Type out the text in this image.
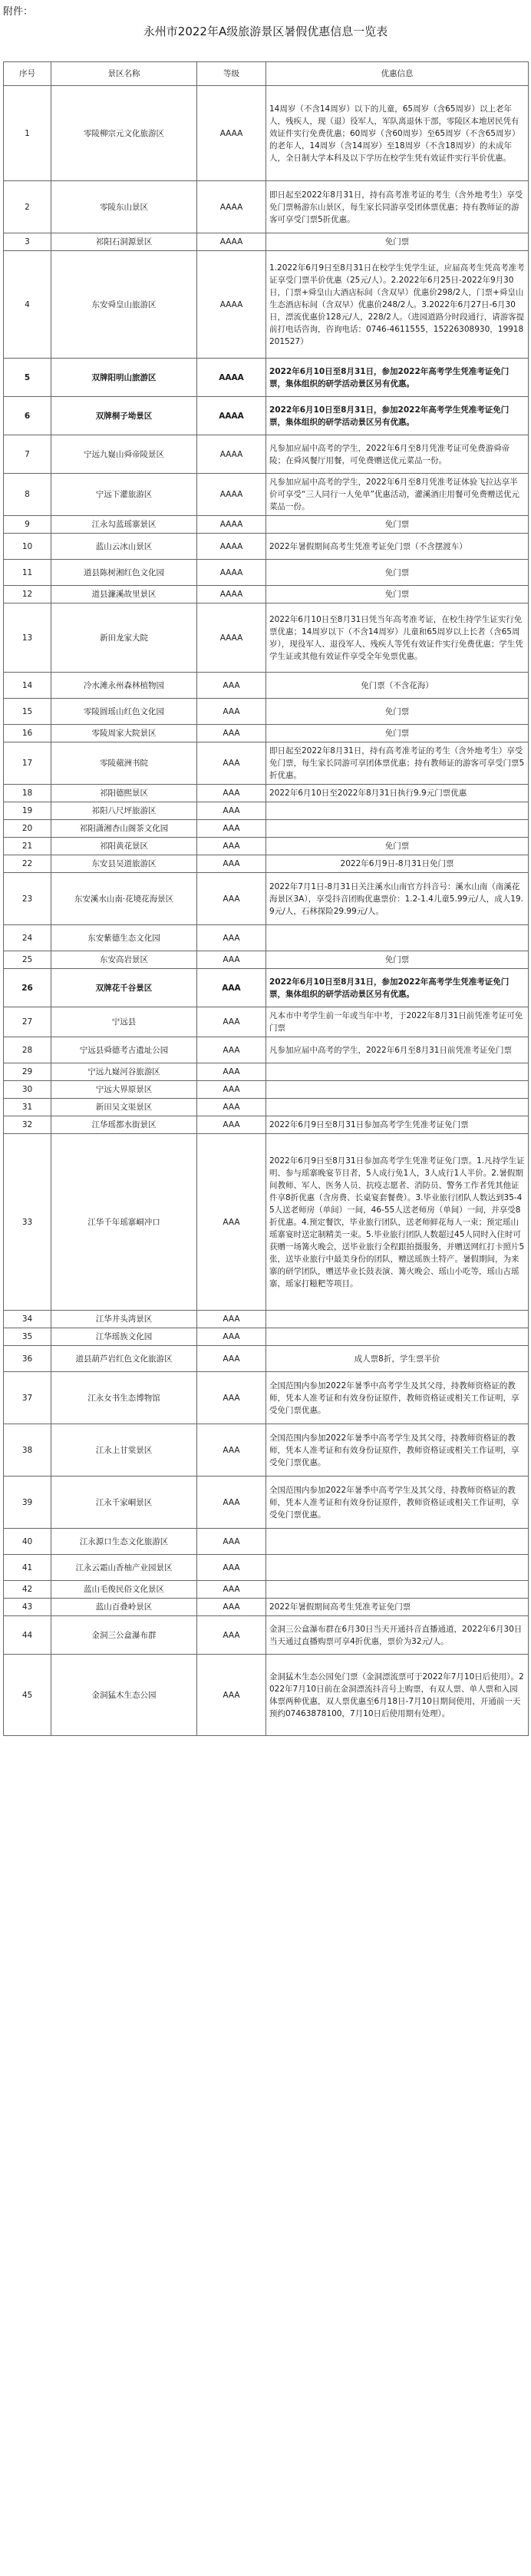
附件：
永州市2022年A级旅游景区暑假优惠信息一览表
序号	景区名称	等级	优惠信息
1	零陵柳宗元文化旅游区	AAAA	14周岁（不含14周岁）以下的儿童，65周岁（含65周岁）以上老年人，残疾人，现（退）役军人，军队离退休干部，零陵区本地居民凭有效证件实行免费优惠；60周岁（含60周岁）至65周岁（不含65周岁）的老年人，14周岁（含14周岁）至18周岁（不含18周岁）的未成年人，全日制大学本科及以下学历在校学生凭有效证件实行半价优惠。
2	零陵东山景区	AAAA	即日起至2022年8月31日，持有高考准考证的考生（含外地考生）享受免门票畅游东山景区，每生家长同游享受团体票优惠；持有教师证的游客可享受门票5折优惠。
3	祁阳石洞源景区	AAAA	免门票
4	东安舜皇山旅游区	AAAA	1.2022年6月9日至8月31日在校学生凭学生证，应届高考生凭高考准考证享受门票半价优惠（25元/人）。2.2022年6月25日-2022年9月30日，门票+舜皇山大酒店标间（含双早）优惠价298/2人，门票+舜皇山生态酒店标间（含双早）优惠价248/2人。3.2022年6月27日-6月30日，漂流优惠价128元/人，228/2人。（进园道路分时段通行，请游客提前打电话咨询，咨询电话：0746-4611555，15226308930，19918201527）
5	双牌阳明山旅游区	AAAA	2022年6月10日至8月31日，参加2022年高考学生凭准考证免门票，集体组织的研学活动景区另有优惠。
6	双牌桐子坳景区	AAAA	2022年6月10日至8月31日，参加2022年高考学生凭准考证免门票，集体组织的研学活动景区另有优惠。
7	宁远九嶷山舜帝陵景区	AAAA	凡参加应届中高考的学生，2022年6月至8月凭准考证可免费游舜帝陵；在舜风餐厅用餐，可免费赠送优元菜品一份。
8	宁远下灌旅游区	AAAA	凡参加应届中高考的学生，2022年6月至8月凭准考证体验飞拉达享半价可享受“三人同行一人免单”优惠活动，灌溪酒庄用餐可免费赠送优元菜品一份。
9	江永勾蓝瑶寨景区	AAAA	免门票
10	蓝山云冰山景区	AAAA	2022年暑假期间高考生凭准考证免门票（不含摆渡车）
11	道县陈树湘红色文化园	AAAA	免门票
12	道县濂溪故里景区	AAAA	免门票
13	新田龙家大院	AAAA	2022年6月10日至8月31日凭当年高考准考证，在校生持学生证实行免票优惠；14周岁以下（不含14周岁）儿童和65周岁以上长者（含65周岁），现役军人、退役军人、残疾人等凭有效证件实行免费优惠；学生凭学生证或其他有效证件享受全年免票优惠。
14	冷水滩永州森林植物园	AAA	免门票（不含花海）
15	零陵圆瑶山红色文化园	AAA	免门票
16	零陵周家大院景区	AAA	免门票
17	零陵蘋洲书院	AAA	即日起至2022年8月31日，持有高考准考证的考生（含外地考生）享受免门票，每生家长同游可享团体票优惠；持有教师证的游客可享受门票5折优惠。
18	祁阳德熙景区	AAA	2022年6月10日至2022年8月31日执行9.9元门票优惠
19	祁阳八尺坪旅游区	AAA	
20	祁阳潇湘杏山阁茶文化园	AAA	
21	祁阳黄花景区	AAA	免门票
22	东安县吴道旅游区	AAA	2022年6月9日-8月31日免门票
23	东安溪水山南·花境花海景区	AAA	2022年7月1日-8月31日关注溪水山南官方抖音号：溪水山南（南溪花海景区3A），享受抖音团购优惠票价：1.2-1.4儿童5.99元/人，成人19.9元/人，石林探险29.99元/人。
24	东安紫德生态文化园	AAA	
25	东安高岩景区	AAA	免门票
26	双牌花千谷景区	AAA	2022年6月10日至8月31日，参加2022年高考学生凭准考证免门票，集体组织的研学活动景区另有优惠。
27	宁远县	AAA	凡本市中考学生前一年或当年中考，于2022年8月31日前凭准考证可免门票
28	宁远县舜德考古遗址公园	AAA	凡参加应届中高考的学生，2022年6月至8月31日前凭准考证免门票
29	宁远九嶷河谷旅游区	AAA	
30	宁远大界原景区	AAA	
31	新田吴文渠景区	AAA	
32	江华瑶都水街景区	AAA	2022年6月9日至8月31日参加高考学生凭准考证免门票
33	江华千年瑶寨峒冲口	AAA	2022年6月9日至8月31日参加高考学生凭准考证免门票。1.凡持学生证明、参与瑶寨晚宴节目者，5人成行免1人，3人成行1人半价。2.暑假期间教师、军人、医务人员、抗疫志愿者、消防员、警务工作者凭其他证件享8折优惠（含房费、长桌宴套餐费）。3.毕业旅行团队人数达到35-45人送老师房（单间）一间，46-55人送老师房（单间）一间，并享受8折优惠。4.预定餐饮，毕业旅行团队，送老师鲜花每人一束；预定瑶山瑶寨宴时送定制精美一束。5.毕业旅行团队人数超过45人同时入住时可获赠一场篝火晚会，送毕业旅行全程跟拍摄服务，并赠送网红打卡照片5张，送毕业旅行中最美身份的团队，赠送瑶族土特产。暑假期间，为来寨的研学团队，赠送毕业长鼓表演、篝火晚会、瑶山小吃等，瑶山古瑶寨，瑶家打糍粑等项目。
34	江华井头湾景区	AAA	
35	江华瑶族文化园	AAA	
36	道县葫芦岩红色文化旅游区	AAA	成人票8折，学生票半价
37	江永女书生态博物馆	AAA	全国范围内参加2022年暑季中高考学生及其父母，持教师资格证的教师，凭本人准考证和有效身份证原件，教师资格证或相关工作证明，享受免门票优惠。
38	江永上甘棠景区	AAA	全国范围内参加2022年暑季中高考学生及其父母，持教师资格证的教师，凭本人准考证和有效身份证原件，教师资格证或相关工作证明，享受免门票优惠。
39	江永千家峒景区	AAA	全国范围内参加2022年暑季中高考学生及其父母，持教师资格证的教师，凭本人准考证和有效身份证原件，教师资格证或相关工作证明，享受免门票优惠。
40	江永源口生态文化旅游区	AAA	
41	江永云霜山香柚产业园景区	AAA	
42	蓝山毛俊民俗文化景区	AAA	
43	蓝山百叠岭景区	AAA	2022年暑假期间高考生凭准考证免门票
44	金洞三公盒瀑布群	AAA	金洞三公盒瀑布群在6月30日当天开通抖音直播通道，2022年6月30日当天通过直播购票可享4折优惠，票价为32元/人。
45	金洞猛木生态公园	AAA	金洞猛木生态公园免门票（金洞漂流票可于2022年7月10日后使用）。2022年7月10日前在金洞漂流抖音号上购票，有双人票、单人票和入园体票两种优惠，双人票优惠至6月18日-7月10日期间使用，开通前一天预约07463878100，7月10日后使用期有处理）。
